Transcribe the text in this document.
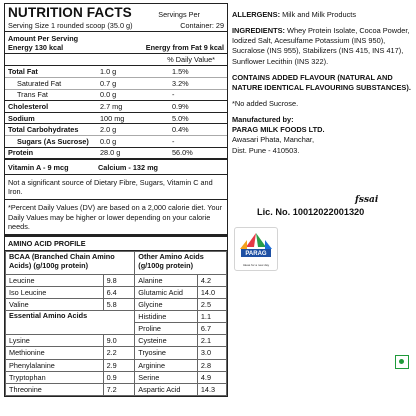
NUTRITION FACTS	Servings Per
Serving Size 1 rounded scoop (35.0 g)	Container: 29
Amount Per Serving
Energy 130 kcal	Energy from Fat 9 kcal
% Daily Value*
Total Fat	1.0 g	1.5%
Saturated Fat	0.7 g	3.2%
Trans Fat	0.0 g	-
Cholesterol	2.7 mg	0.9%
Sodium	100 mg	5.0%
Total Carbohydrates	2.0 g	0.4%
Sugars (As Sucrose)	0.0 g	-
Protein	28.0 g	56.0%
Vitamin A - 9 mcg	Calcium - 132 mg
Not a significant source of Dietary Fibre, Sugars, Vitamin C and Iron.
*Percent Daily Values (DV) are based on a 2,000 calorie diet. Your Daily Values may be higher or lower depending on your calorie needs.
AMINO ACID PROFILE
BCAA (Branched Chain Amino Acids) (g/100g protein)		Other Amino Acids (g/100g protein)	
Leucine	9.8	Alanine	4.2
Iso Leucine	6.4	Glutamic Acid	14.0
Valine	5.8	Glycine	2.5
Essential Amino Acids		Histidine	1.1
		Proline	6.7
Lysine	9.0	Cysteine	2.1
Methionine	2.2	Tryosine	3.0
Phenylalanine	2.9	Arginine	2.8
Tryptophan	0.9	Serine	4.9
Threonine	7.2	Aspartic Acid	14.3

ALLERGENS: Milk and Milk Products

INGREDIENTS: Whey Protein Isolate, Cocoa Powder, Iodized Salt, Acesulfame Potassium (INS 950), Sucralose (INS 955), Stabilizers (INS 415, INS 417), Sunflower Lecithin (INS 322).

CONTAINS ADDED FLAVOUR (NATURAL AND NATURE IDENTICAL FLAVOURING SUBSTANCES).

*No added Sucrose.

Manufactured by:
PARAG MILK FOODS LTD.
Awasari Phata, Manchar,
Dist. Pune - 410503.
fssai
Lic. No. 10012022001320
PARAG
Ideas for a new day
